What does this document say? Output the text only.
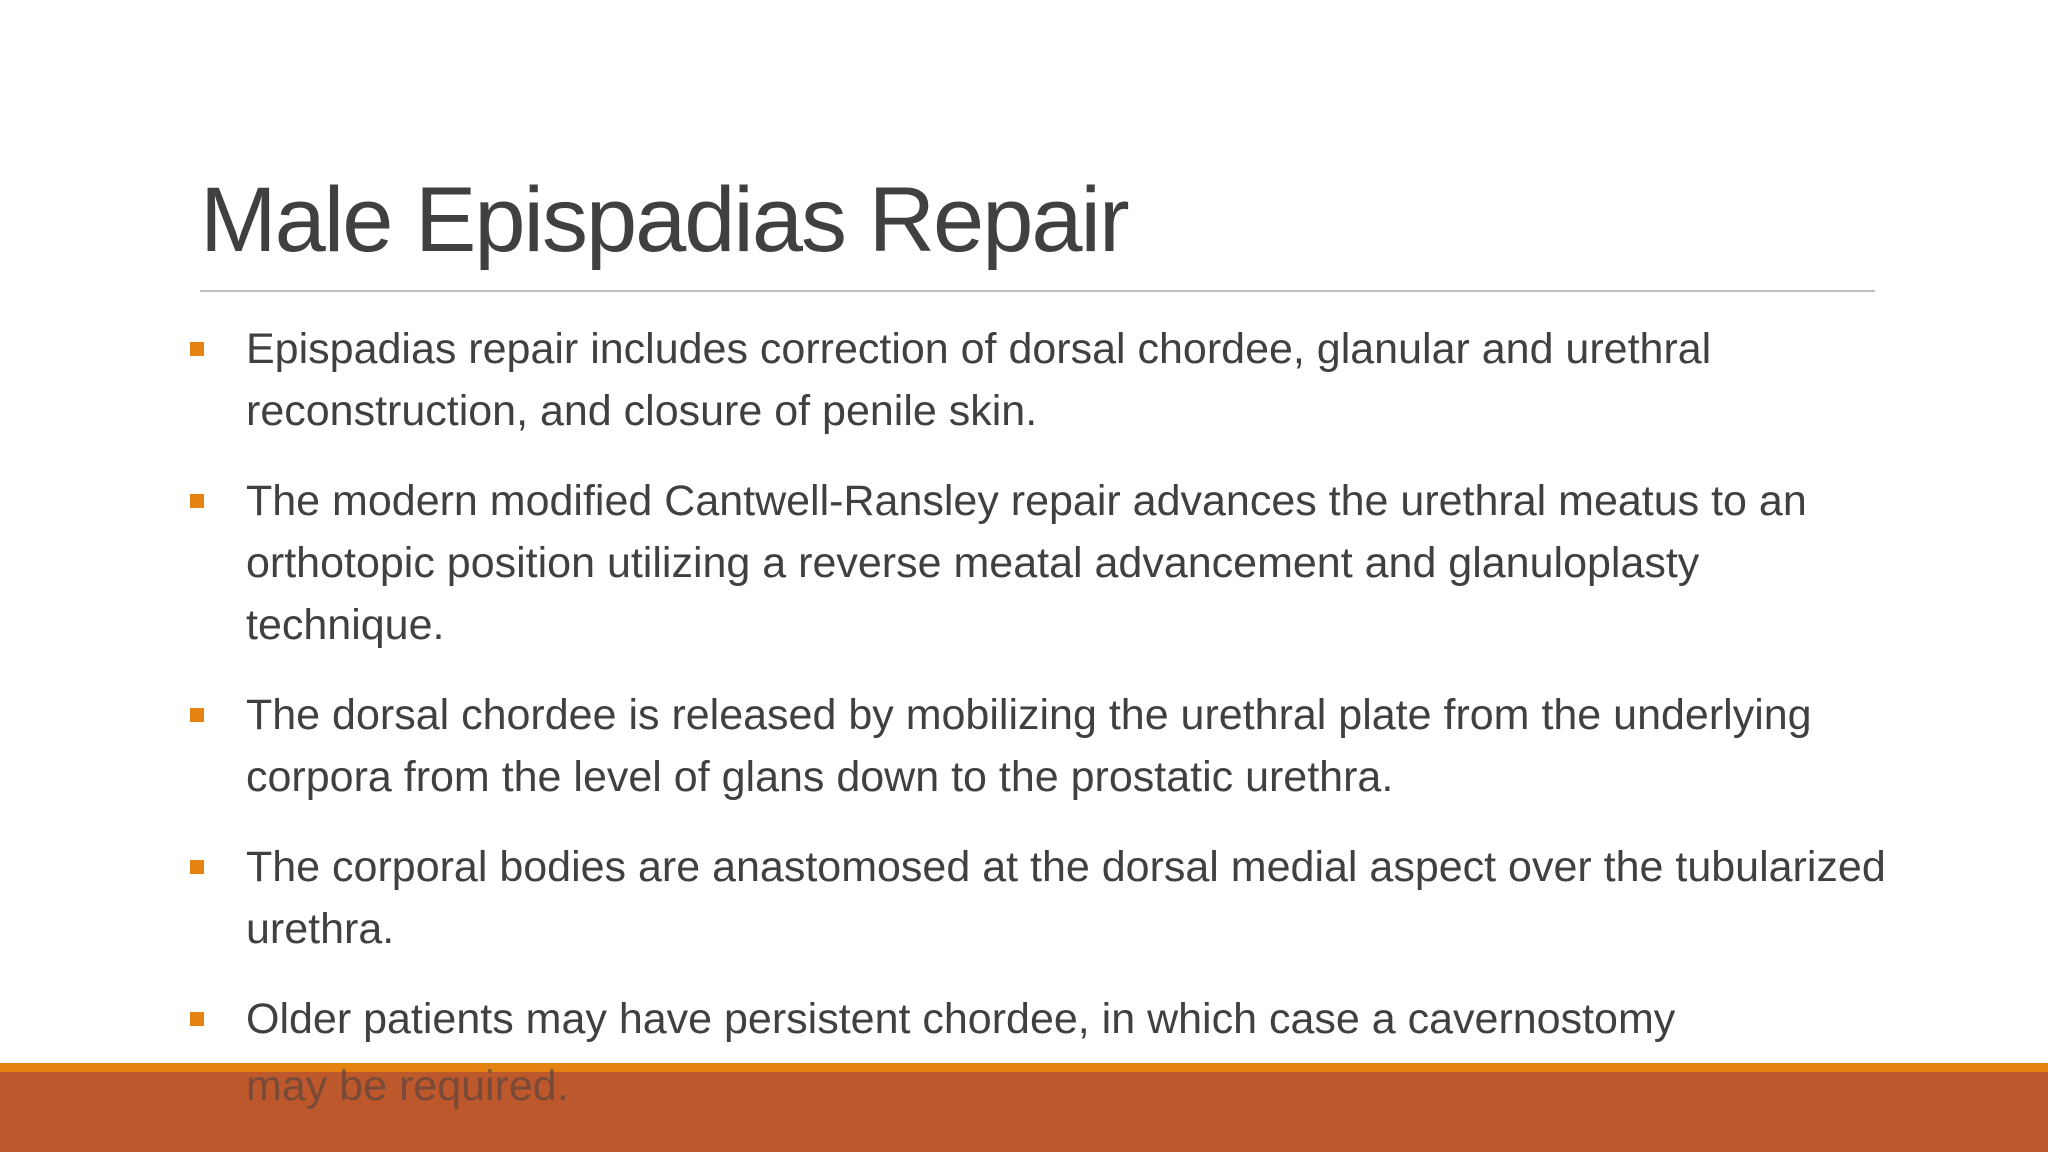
Male Epispadias Repair
Epispadias repair includes correction of dorsal chordee, glanular and urethral reconstruction, and closure of penile skin.
The modern modified Cantwell-Ransley repair advances the urethral meatus to an orthotopic position utilizing a reverse meatal advancement and glanuloplasty technique.
The dorsal chordee is released by mobilizing the urethral plate from the underlying corpora from the level of glans down to the prostatic urethra.
The corporal bodies are anastomosed at the dorsal medial aspect over the tubularized urethra.
Older patients may have persistent chordee, in which case a cavernostomy
may be required.
